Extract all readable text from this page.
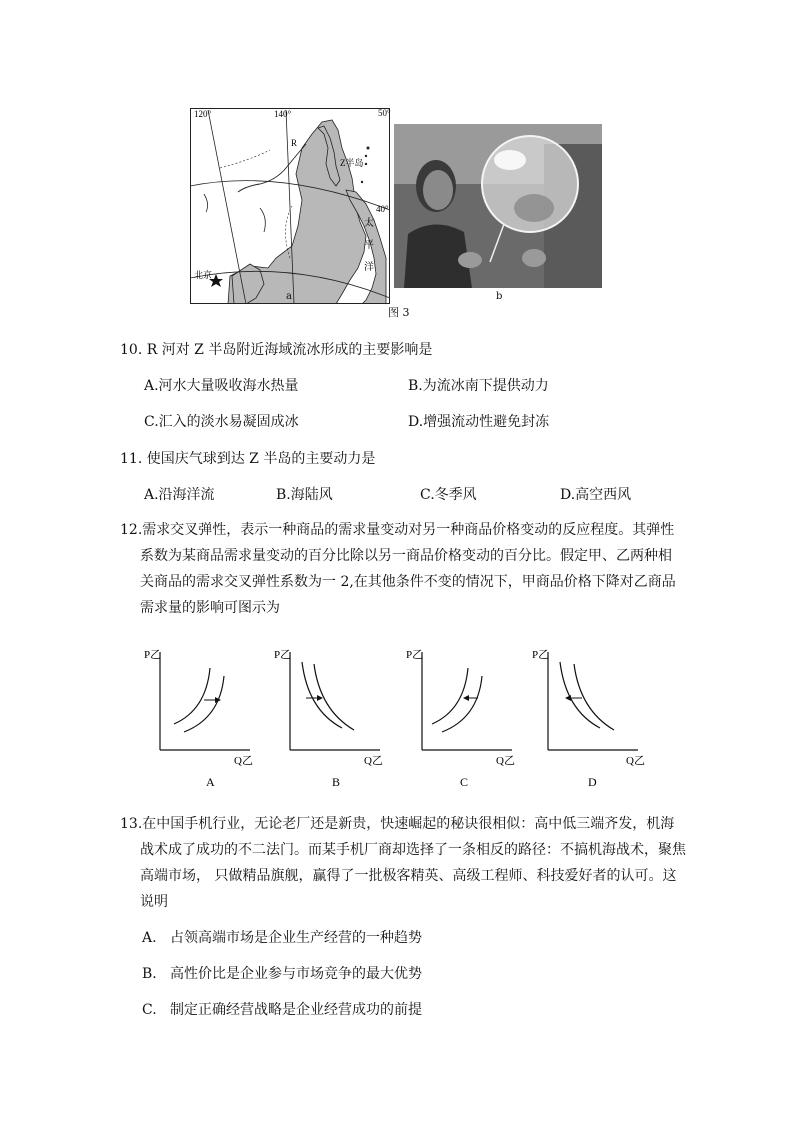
120°	140°
40°
R
Z半岛
太
平
洋
北京
50°
a	b
图 3
10. R 河对 Z 半岛附近海域流冰形成的主要影响是
A.河水大量吸收海水热量	B.为流冰南下提供动力
C.汇入的淡水易凝固成冰	D.增强流动性避免封冻
11. 使国庆气球到达 Z 半岛的主要动力是
A.沿海洋流	B.海陆风	C.冬季风	D.高空西风
12.需求交叉弹性，表示一种商品的需求量变动对另一种商品价格变动的反应程度。其弹性
系数为某商品需求量变动的百分比除以另一商品价格变动的百分比。假定甲、乙两种相
关商品的需求交叉弹性系数为一 2,在其他条件不变的情况下，甲商品价格下降对乙商品
需求量的影响可图示为
P乙
Q乙
A
P乙
Q乙
B
P乙
Q乙
C
P乙
Q乙
D
13.在中国手机行业，无论老厂还是新贵，快速崛起的秘诀很相似：高中低三端齐发，机海
战术成了成功的不二法门。而某手机厂商却选择了一条相反的路径：不搞机海战术，聚焦
高端市场， 只做精品旗舰，赢得了一批极客精英、高级工程师、科技爱好者的认可。这
说明
A. 占领高端市场是企业生产经营的一种趋势
B. 高性价比是企业参与市场竞争的最大优势
C. 制定正确经营战略是企业经营成功的前提
